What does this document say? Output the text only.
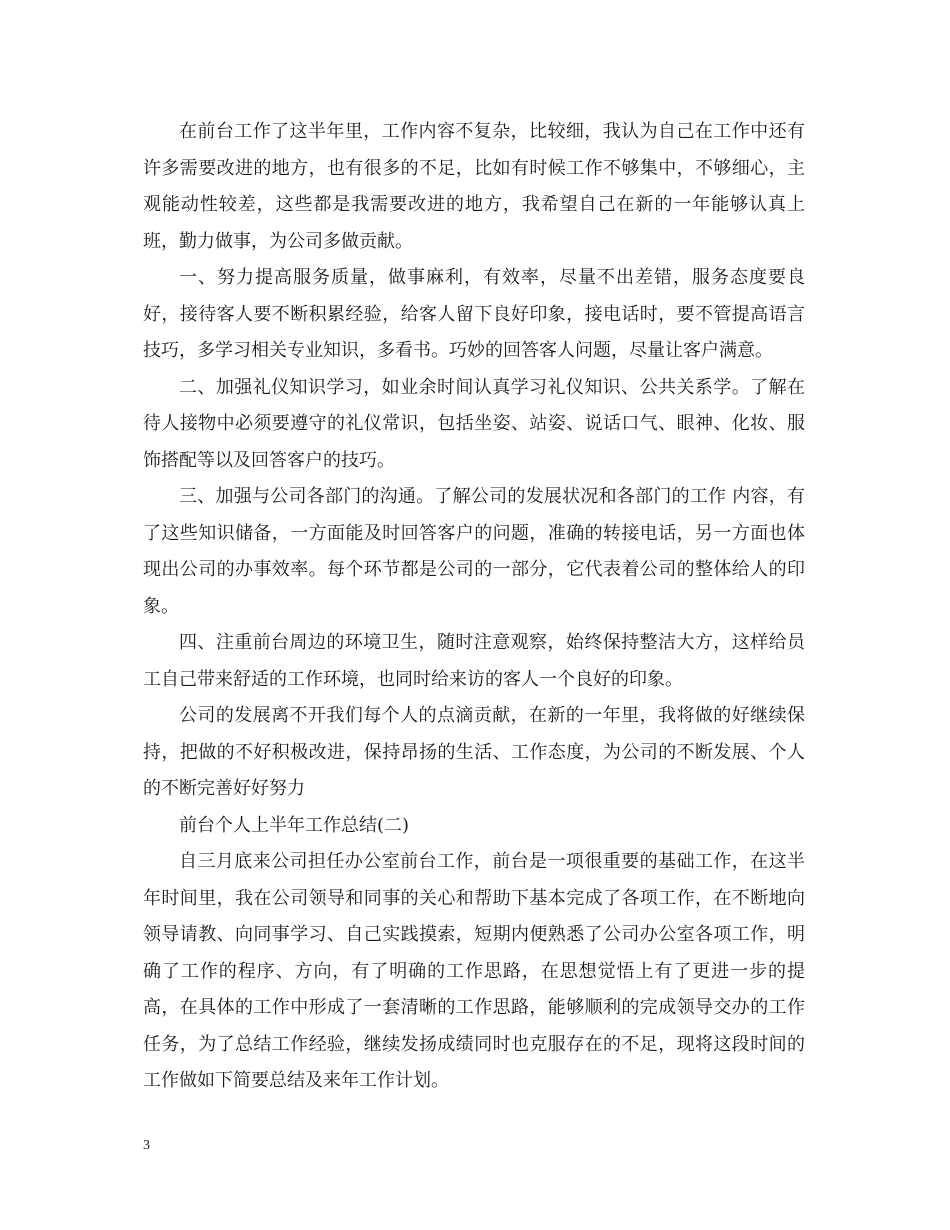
在前台工作了这半年里，工作内容不复杂，比较细，我认为自己在工作中还有许多需要改进的地方，也有很多的不足，比如有时候工作不够集中，不够细心，主观能动性较差，这些都是我需要改进的地方，我希望自己在新的一年能够认真上班，勤力做事，为公司多做贡献。

一、努力提高服务质量，做事麻利，有效率，尽量不出差错，服务态度要良好，接待客人要不断积累经验，给客人留下良好印象，接电话时，要不管提高语言技巧，多学习相关专业知识，多看书。巧妙的回答客人问题，尽量让客户满意。

二、加强礼仪知识学习，如业余时间认真学习礼仪知识、公共关系学。了解在待人接物中必须要遵守的礼仪常识，包括坐姿、站姿、说话口气、眼神、化妆、服饰搭配等以及回答客户的技巧。

三、加强与公司各部门的沟通。了解公司的发展状况和各部门的工作 内容，有了这些知识储备，一方面能及时回答客户的问题，准确的转接电话，另一方面也体现出公司的办事效率。每个环节都是公司的一部分，它代表着公司的整体给人的印象。

四、注重前台周边的环境卫生，随时注意观察，始终保持整洁大方，这样给员工自己带来舒适的工作环境，也同时给来访的客人一个良好的印象。

公司的发展离不开我们每个人的点滴贡献，在新的一年里，我将做的好继续保持，把做的不好积极改进，保持昂扬的生活、工作态度，为公司的不断发展、个人的不断完善好好努力

前台个人上半年工作总结(二)

自三月底来公司担任办公室前台工作，前台是一项很重要的基础工作，在这半年时间里，我在公司领导和同事的关心和帮助下基本完成了各项工作，在不断地向领导请教、向同事学习、自己实践摸索，短期内便熟悉了公司办公室各项工作，明确了工作的程序、方向，有了明确的工作思路，在思想觉悟上有了更进一步的提高，在具体的工作中形成了一套清晰的工作思路，能够顺利的完成领导交办的工作任务，为了总结工作经验，继续发扬成绩同时也克服存在的不足，现将这段时间的工作做如下简要总结及来年工作计划。

3
